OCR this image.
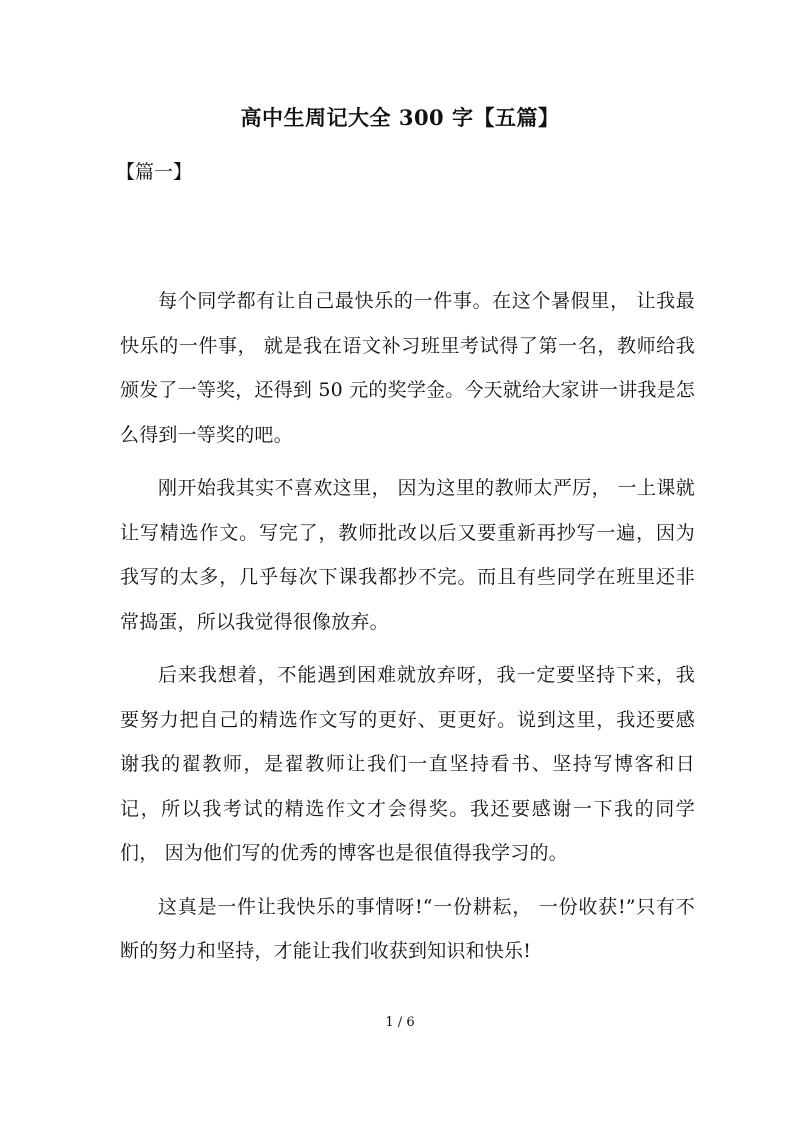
高中生周记大全 300 字【五篇】
【篇一】

每个同学都有让自己最快乐的一件事。在这个暑假里， 让我最快乐的一件事， 就是我在语文补习班里考试得了第一名，教师给我颁发了一等奖，还得到 50 元的奖学金。今天就给大家讲一讲我是怎么得到一等奖的吧。

刚开始我其实不喜欢这里， 因为这里的教师太严厉， 一上课就让写精选作文。写完了，教师批改以后又要重新再抄写一遍，因为我写的太多，几乎每次下课我都抄不完。而且有些同学在班里还非常捣蛋，所以我觉得很像放弃。

后来我想着，不能遇到困难就放弃呀，我一定要坚持下来，我要努力把自己的精选作文写的更好、更更好。说到这里，我还要感谢我的翟教师，是翟教师让我们一直坚持看书、坚持写博客和日记，所以我考试的精选作文才会得奖。我还要感谢一下我的同学们， 因为他们写的优秀的博客也是很值得我学习的。

这真是一件让我快乐的事情呀!“一份耕耘， 一份收获!”只有不断的努力和坚持，才能让我们收获到知识和快乐!

1 / 6
